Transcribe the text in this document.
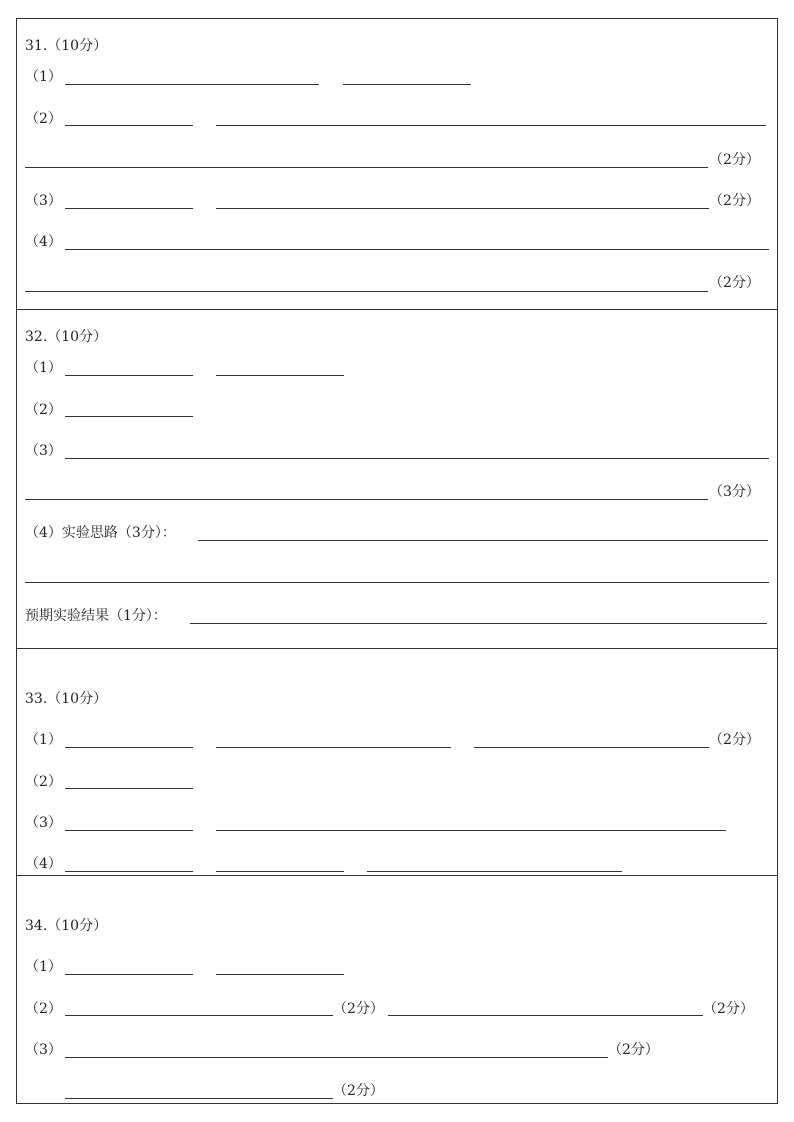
31.（10分）
（1）
（2）
（2分）
（3）	（2分）
（4）
（2分）
32.（10分）
（1）
（2）
（3）
（3分）
（4）实验思路（3分）：
预期实验结果（1分）：
33.（10分）
（1）	（2分）
（2）
（3）
（4）
34.（10分）
（1）
（2）	（2分）	（2分）
（3）	（2分）
（2分）
